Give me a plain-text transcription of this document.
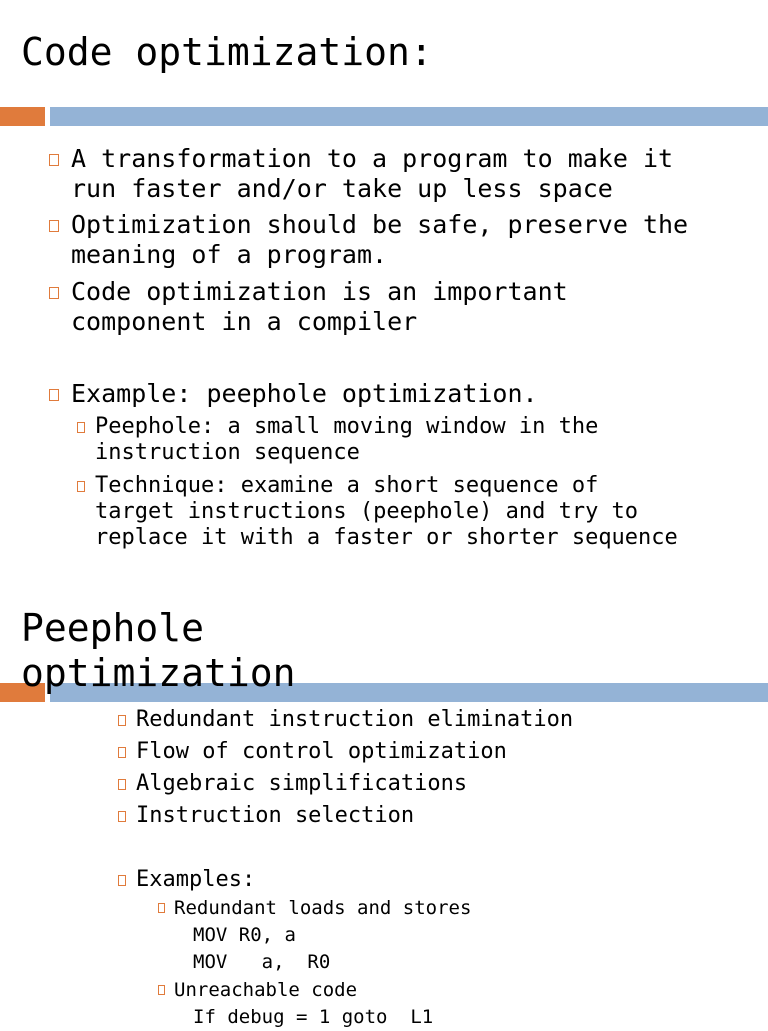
Code optimization:
A transformation to a program to make it
run faster and/or take up less space
Optimization should be safe, preserve the
meaning of a program.
Code optimization is an important
component in a compiler
Example: peephole optimization.
Peephole: a small moving window in the
instruction sequence
Technique: examine a short sequence of
target instructions (peephole) and try to
replace it with a faster or shorter sequence
Peephole
optimization
Redundant instruction elimination
Flow of control optimization
Algebraic simplifications
Instruction selection
Examples:
Redundant loads and stores
MOV R0, a
MOV   a,  R0
Unreachable code
If debug = 1 goto  L1
